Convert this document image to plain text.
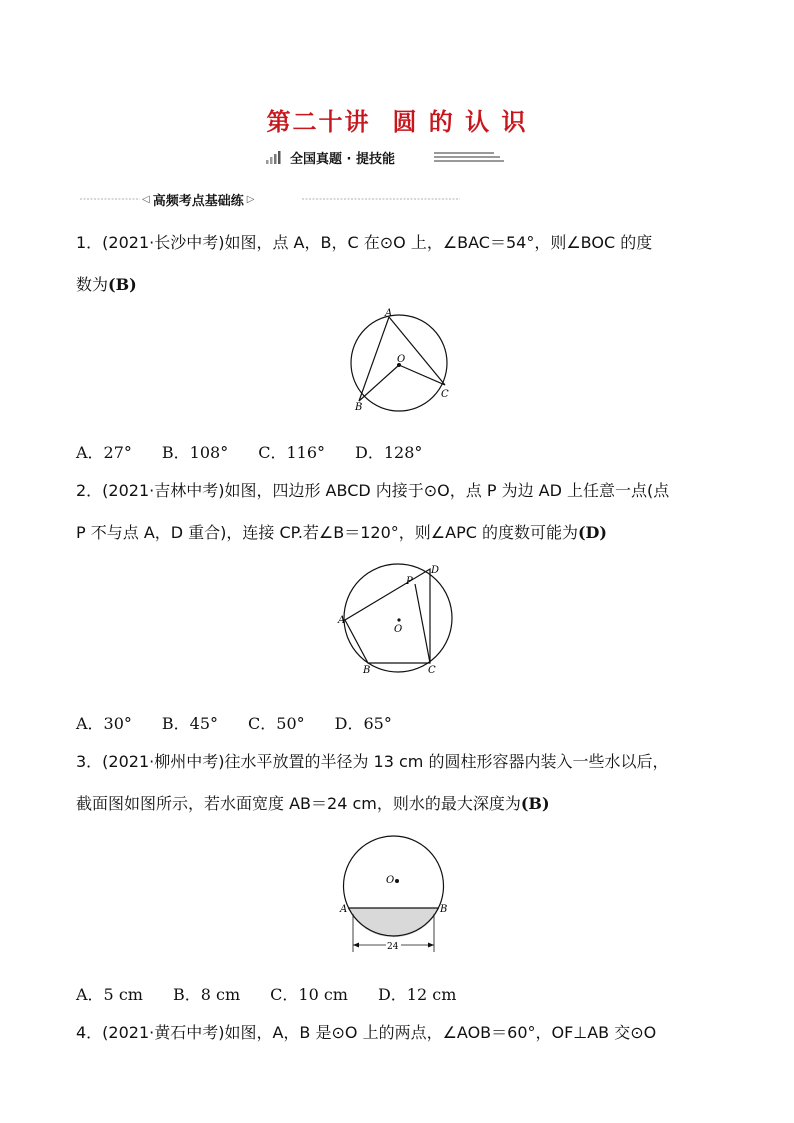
第二十讲 圆 的 认 识
全国真题 · 提技能
◁ 高频考点基础练 ▷
1．(2021·长沙中考)如图，点 A，B，C 在⊙O 上，∠BAC＝54°，则∠BOC 的度
数为(B)
A
B
C
O
A．27° B．108° C．116° D．128°
2．(2021·吉林中考)如图，四边形 ABCD 内接于⊙O，点 P 为边 AD 上任意一点(点
P 不与点 A，D 重合)，连接 CP.若∠B＝120°，则∠APC 的度数可能为(D)
D
P
A
O
B	C
A．30° B．45° C．50° D．65°
3．(2021·柳州中考)往水平放置的半径为 13 cm 的圆柱形容器内装入一些水以后，
截面图如图所示，若水面宽度 AB＝24 cm，则水的最大深度为(B)
O
A	B
24
A．5 cm B．8 cm C．10 cm D．12 cm
4．(2021·黄石中考)如图，A，B 是⊙O 上的两点，∠AOB＝60°，OF⊥AB 交⊙O
